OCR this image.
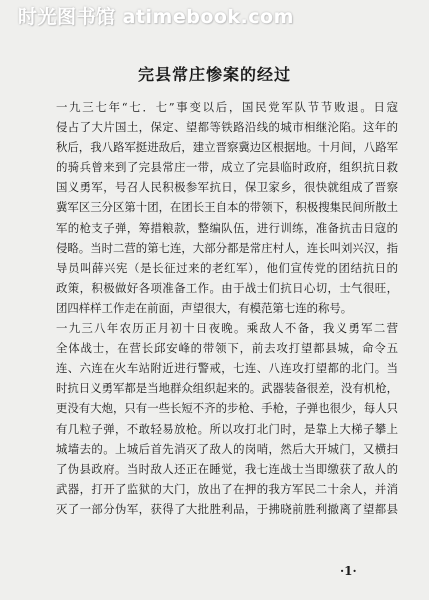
时光图书馆 atimebook.com
完县常庄惨案的经过
一九三七年“七．七”事变以后，国民党军队节节败退。日寇
侵占了大片国土，保定、望都等铁路沿线的城市相继沦陷。这年的
秋后，我八路军挺进敌后，建立晋察冀边区根据地。十月间，八路军
的骑兵曾来到了完县常庄一带，成立了完县临时政府，组织抗日救
国义勇军，号召人民积极参军抗日，保卫家乡，很快就组成了晋察
冀军区三分区第十团，在团长王自本的带领下，积极搜集民间所散土
军的枪支子弹，筹措粮款，整编队伍，进行训练，准备抗击日寇的
侵略。当时二营的第七连，大部分都是常庄村人，连长叫刘兴汉，指
导员叫薛兴宪（是长征过来的老红军），他们宣传党的团结抗日的
政策，积极做好各项准备工作。由于战士们抗日心切，士气很旺，
团四样样工作走在前面，声望很大，有模范第七连的称号。
一九三八年农历正月初十日夜晚。乘敌人不备，我义勇军二营
全体战士，在营长邱安峰的带领下，前去攻打望都县城，命令五
连、六连在火车站附近进行警戒，七连、八连攻打望都的北门。当
时抗日义勇军都是当地群众组织起来的。武器装备很差，没有机枪，
更没有大炮，只有一些长短不齐的步枪、手枪，子弹也很少，每人只
有几粒子弹，不敢轻易放枪。所以攻打北门时，是靠上大梯子攀上
城墙去的。上城后首先消灭了敌人的岗哨，然后大开城门，又横扫
了伪县政府。当时敌人还正在睡觉，我七连战士当即缴获了敌人的
武器，打开了监狱的大门，放出了在押的我方军民二十余人，并消
灭了一部分伪军，获得了大批胜利品，于拂晓前胜利撤离了望都县
·1·
